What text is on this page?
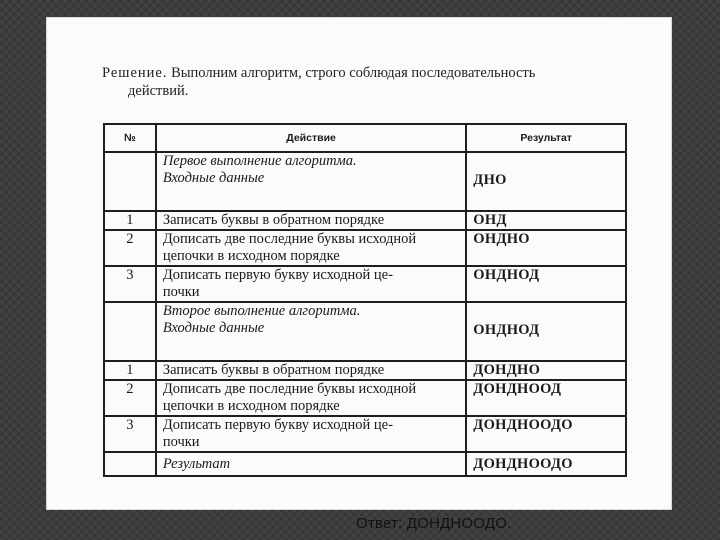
Решение. Выполним алгоритм, строго соблюдая последовательность
действий.
№	Действие	Результат
	Первое выполнение алгоритма.
Входные данные	ДНО
1	Записать буквы в обратном порядке	ОНД
2	Дописать две последние буквы исходной
цепочки в исходном порядке	ОНДНО
3	Дописать первую букву исходной це-
почки	ОНДНОД
	Второе выполнение алгоритма.
Входные данные	ОНДНОД
1	Записать буквы в обратном порядке	ДОНДНО
2	Дописать две последние буквы исходной
цепочки в исходном порядке	ДОНДНООД
3	Дописать первую букву исходной це-
почки	ДОНДНООДО
	Результат	ДОНДНООДО
Ответ: ДОНДНООДО.
